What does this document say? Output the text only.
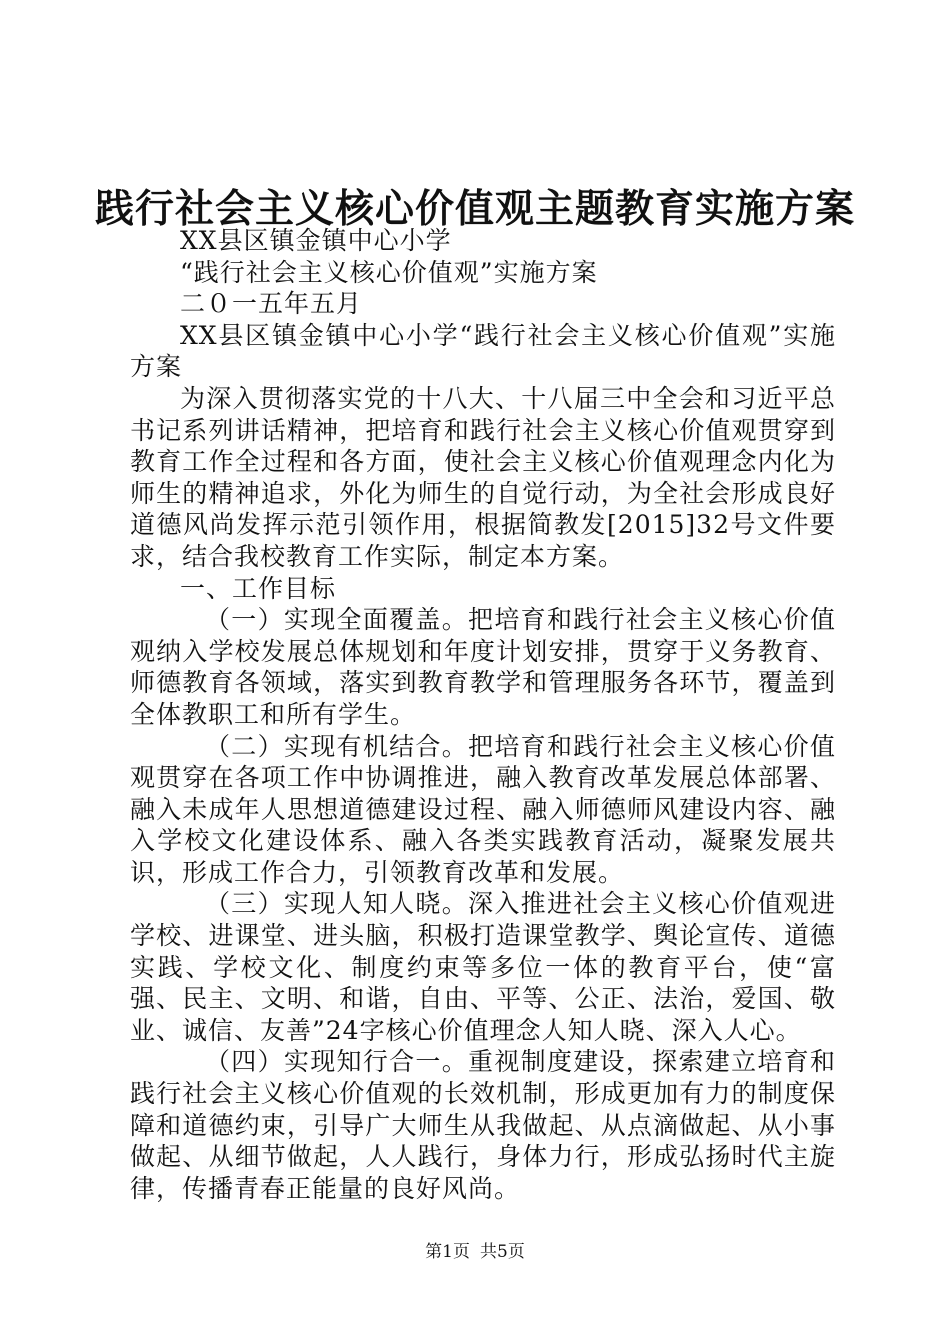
践行社会主义核心价值观主题教育实施方案

XX县区镇金镇中心小学

“践行社会主义核心价值观”实施方案

二０一五年五月

XX县区镇金镇中心小学“践行社会主义核心价值观”实施方案

为深入贯彻落实党的十八大、十八届三中全会和习近平总书记系列讲话精神，把培育和践行社会主义核心价值观贯穿到教育工作全过程和各方面，使社会主义核心价值观理念内化为师生的精神追求，外化为师生的自觉行动，为全社会形成良好道德风尚发挥示范引领作用，根据简教发[2015]32号文件要求，结合我校教育工作实际，制定本方案。

一、工作目标

（一）实现全面覆盖。把培育和践行社会主义核心价值观纳入学校发展总体规划和年度计划安排，贯穿于义务教育、师德教育各领域，落实到教育教学和管理服务各环节，覆盖到全体教职工和所有学生。

（二）实现有机结合。把培育和践行社会主义核心价值观贯穿在各项工作中协调推进，融入教育改革发展总体部署、融入未成年人思想道德建设过程、融入师德师风建设内容、融入学校文化建设体系、融入各类实践教育活动，凝聚发展共识，形成工作合力，引领教育改革和发展。

（三）实现人知人晓。深入推进社会主义核心价值观进学校、进课堂、进头脑，积极打造课堂教学、舆论宣传、道德实践、学校文化、制度约束等多位一体的教育平台，使“富强、民主、文明、和谐，自由、平等、公正、法治，爱国、敬业、诚信、友善”24字核心价值理念人知人晓、深入人心。

（四）实现知行合一。重视制度建设，探索建立培育和践行社会主义核心价值观的长效机制，形成更加有力的制度保障和道德约束，引导广大师生从我做起、从点滴做起、从小事做起、从细节做起，人人践行，身体力行，形成弘扬时代主旋律，传播青春正能量的良好风尚。

第1页 共5页
